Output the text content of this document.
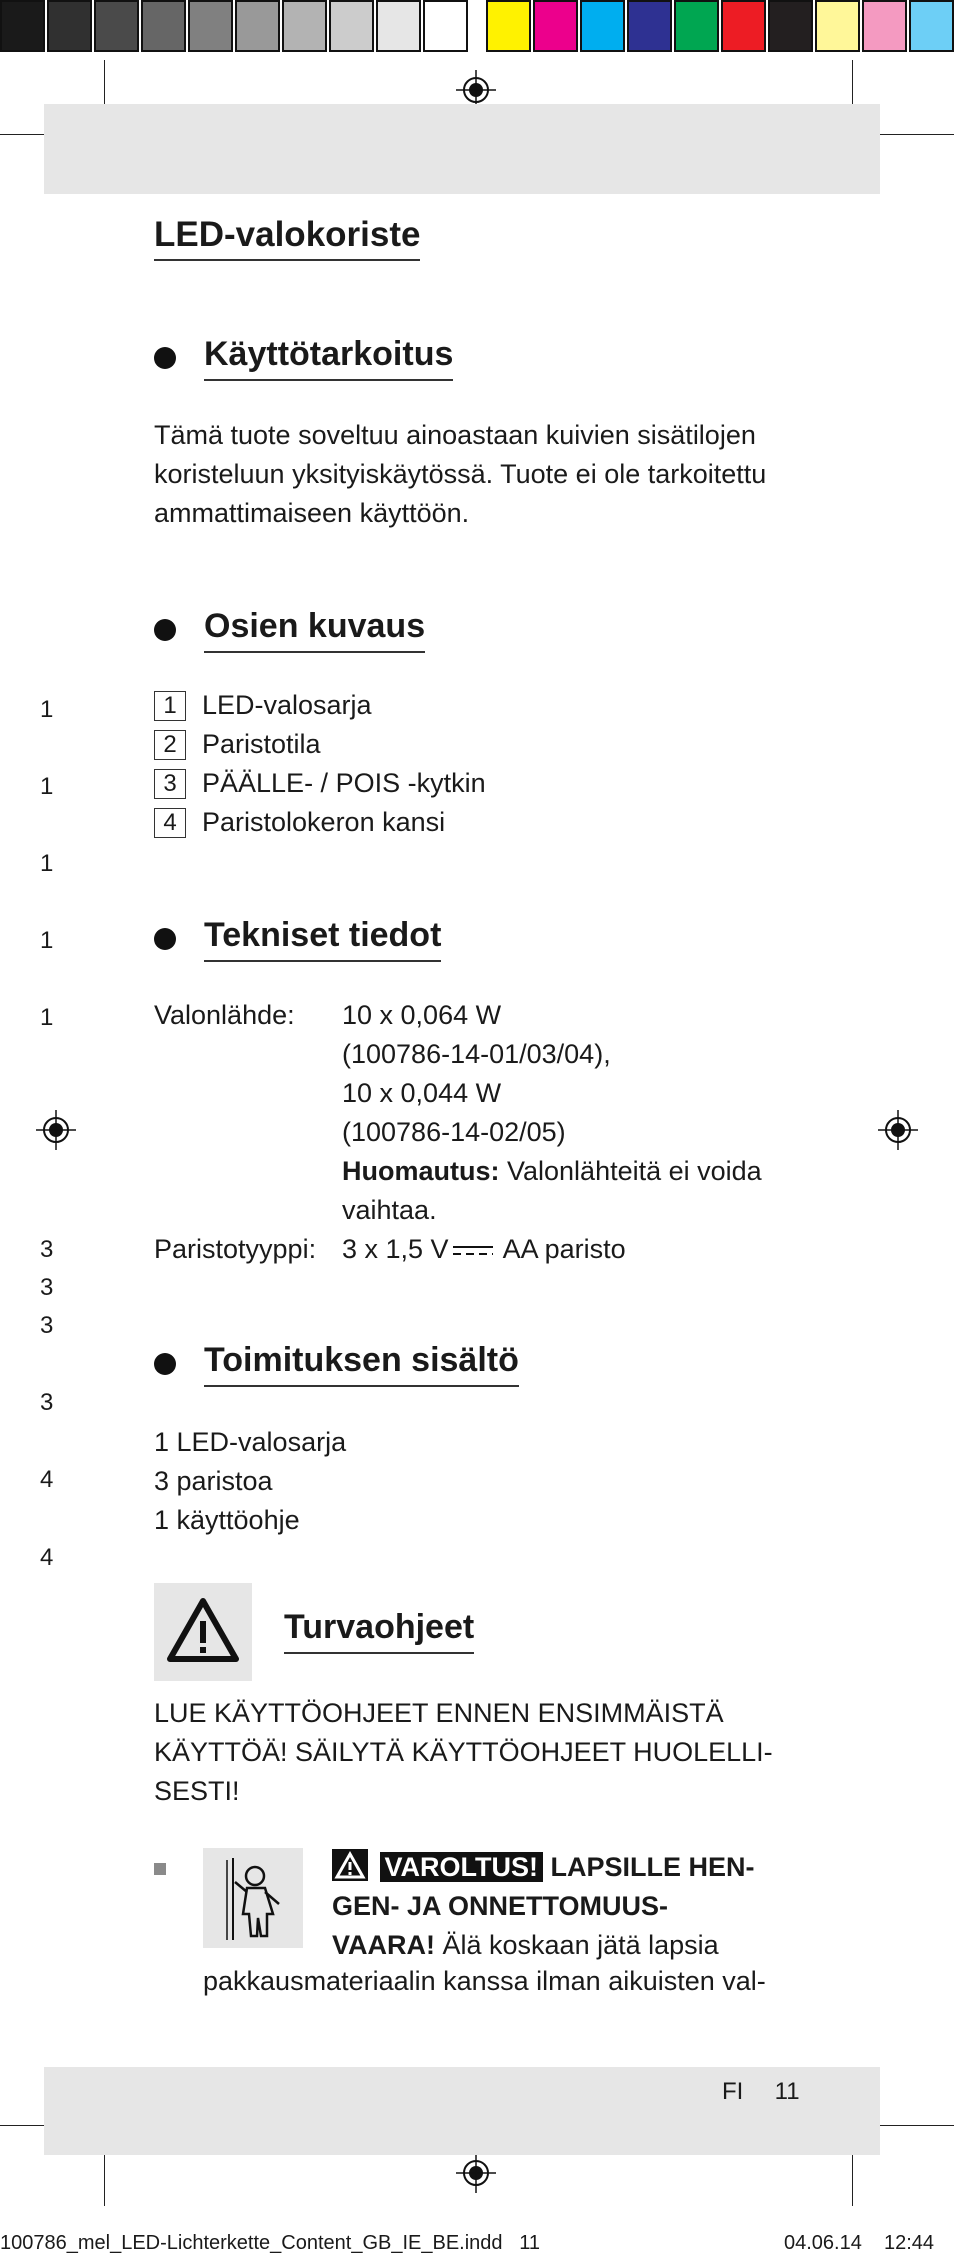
LED-valokoriste
Käyttötarkoitus
Tämä tuote soveltuu ainoastaan kuivien sisätilojen
koristeluun yksityiskäytössä. Tuote ei ole tarkoitettu
ammattimaiseen käyttöön.
Osien kuvaus
1 LED-valosarja
2 Paristotila
3 PÄÄLLE- / POIS -kytkin
4 Paristolokeron kansi
Tekniset tiedot
Valonlähde: 10 x 0,064 W
(100786-14-01/03/04),
10 x 0,044 W
(100786-14-02/05)
Huomautus: Valonlähteitä ei voida
vaihtaa.
Paristotyyppi: 3 x 1,5 V AA paristo
Toimituksen sisältö
1 LED-valosarja
3 paristoa
1 käyttöohje
Turvaohjeet
LUE KÄYTTÖOHJEET ENNEN ENSIMMÄISTÄ
KÄYTTÖÄ! SÄILYTÄ KÄYTTÖOHJEET HUOLELLI-
SESTI!
VAROLTUS! LAPSILLE HEN-
GEN- JA ONNETTOMUUS-
VAARA! Älä koskaan jätä lapsia
pakkausmateriaalin kanssa ilman aikuisten val-
1
1
1
1
1
3
3
3
3
4
4
FI 11
100786_mel_LED-Lichterkette_Content_GB_IE_BE.indd   11	04.06.14 12:44
